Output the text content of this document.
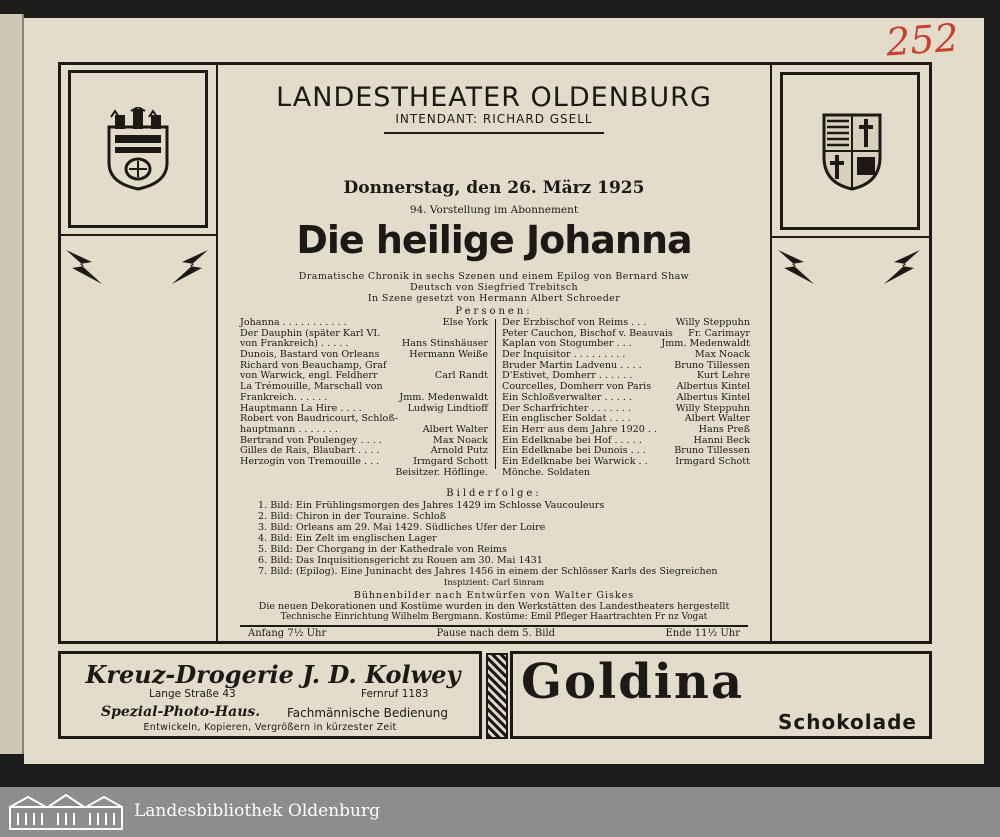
252
LANDESTHEATER OLDENBURG
INTENDANT: RICHARD GSELL
Donnerstag, den 26. März 1925
94. Vorstellung im Abonnement
Die heilige Johanna
Dramatische Chronik in sechs Szenen und einem Epilog von Bernard Shaw
Deutsch von Siegfried Trebitsch
In Szene gesetzt von Hermann Albert Schroeder
Personen:
Johanna . . . . . . . . . . .	Else York
Der Dauphin (später Karl VI.
von Frankreich) . . . . .	Hans Stinshäuser
Dunois, Bastard von Orleans	Hermann Weiße
Richard von Beauchamp, Graf
von Warwick, engl. Feldherr	Carl Randt
La Trémouille, Marschall von
Frankreich. . . . . .	Jmm. Medenwaldt
Hauptmann La Hire . . . .	Ludwig Lindtioff
Robert von Baudricourt, Schloß-
hauptmann . . . . . . .	Albert Walter
Bertrand von Poulengey . . . .	Max Noack
Gilles de Rais, Blaubart . . . .	Arnold Putz
Herzogin von Tremouille . . .	Irmgard Schott
Beisitzer. Höflinge.
Der Erzbischof von Reims . . .	Willy Steppuhn
Peter Cauchon, Bischof v. Beauvais Fr. Carimayr
Kaplan von Stogumber . . .	Jmm. Medenwaldt
Der Inquisitor . . . . . . . . .	Max Noack
Bruder Martin Ladvenu . . . .	Bruno Tillessen
D'Estivet, Domherr . . . . . .	Kurt Lehre
Courcelles, Domherr von Paris	Albertus Kintel
Ein Schloßverwalter . . . . .	Albertus Kintel
Der Scharfrichter . . . . . . .	Willy Steppuhn
Ein englischer Soldat . . . .	Albert Walter
Ein Herr aus dem Jahre 1920 . .	Hans Preß
Ein Edelknabe bei Hof . . . . .	Hanni Beck
Ein Edelknabe bei Dunois . . .	Bruno Tillessen
Ein Edelknabe bei Warwick . .	Irmgard Schott
Mönche. Soldaten
Bilderfolge:
1. Bild: Ein Frühlingsmorgen des Jahres 1429 im Schlosse Vaucouleurs
2. Bild: Chiron in der Touraine. Schloß
3. Bild: Orleans am 29. Mai 1429. Südliches Ufer der Loire
4. Bild: Ein Zelt im englischen Lager
5. Bild: Der Chorgang in der Kathedrale von Reims
6. Bild: Das Inquisitionsgericht zu Rouen am 30. Mai 1431
7. Bild: (Epilog). Eine Juninacht des Jahres 1456 in einem der Schlösser Karls des Siegreichen
Inspizient: Carl Sinram
Bühnenbilder nach Entwürfen von Walter Giskes
Die neuen Dekorationen und Kostüme wurden in den Werkstätten des Landestheaters hergestellt
Technische Einrichtung Wilhelm Bergmann. Kostüme: Emil Pfleger Haartrachten Fr nz Vogat
Anfang 7½ Uhr	Pause nach dem 5. Bild	Ende 11½ Uhr
Kreuz-Drogerie J. D. Kolwey
Lange Straße 43	Fernruf 1183
Spezial-Photo-Haus. Fachmännische Bedienung
Entwickeln, Kopieren, Vergrößern in kürzester Zeit
Goldina
Schokolade
Landesbibliothek Oldenburg
